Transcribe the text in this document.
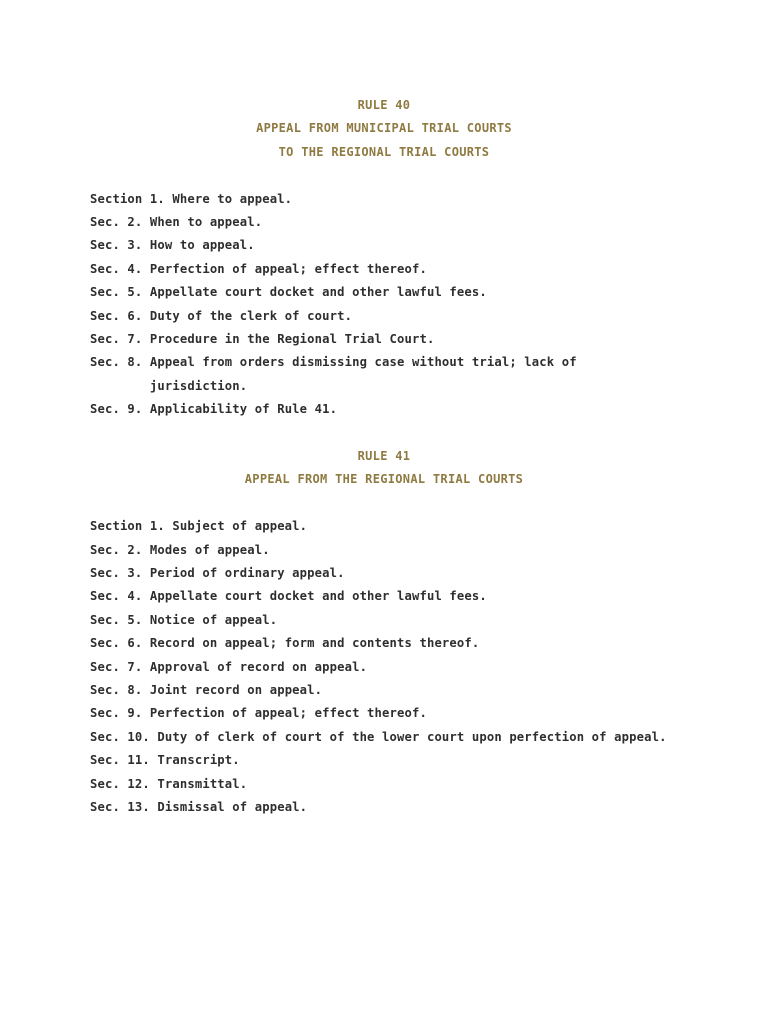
RULE 40
APPEAL FROM MUNICIPAL TRIAL COURTS
TO THE REGIONAL TRIAL COURTS
Section 1.
Where to appeal.
Sec. 2.
When to appeal.
Sec. 3.
How to appeal.
Sec. 4.
Perfection of appeal; effect thereof.
Sec. 5.
Appellate court docket and other lawful fees.
Sec. 6.
Duty of the clerk of court.
Sec. 7.
Procedure in the Regional Trial Court.
Sec. 8.
Appeal from orders dismissing case without trial; lack of jurisdiction.
Sec. 9.
Applicability of Rule 41.
RULE 41
APPEAL FROM THE REGIONAL TRIAL COURTS
Section 1.
Subject of appeal.
Sec. 2.
Modes of appeal.
Sec. 3.
Period of ordinary appeal.
Sec. 4.
Appellate court docket and other lawful fees.
Sec. 5.
Notice of appeal.
Sec. 6.
Record on appeal; form and contents thereof.
Sec. 7.
Approval of record on appeal.
Sec. 8.
Joint record on appeal.
Sec. 9.
Perfection of appeal; effect thereof.
Sec. 10.
Duty of clerk of court of the lower court upon perfection of appeal.
Sec. 11.
Transcript.
Sec. 12.
Transmittal.
Sec. 13.
Dismissal of appeal.
